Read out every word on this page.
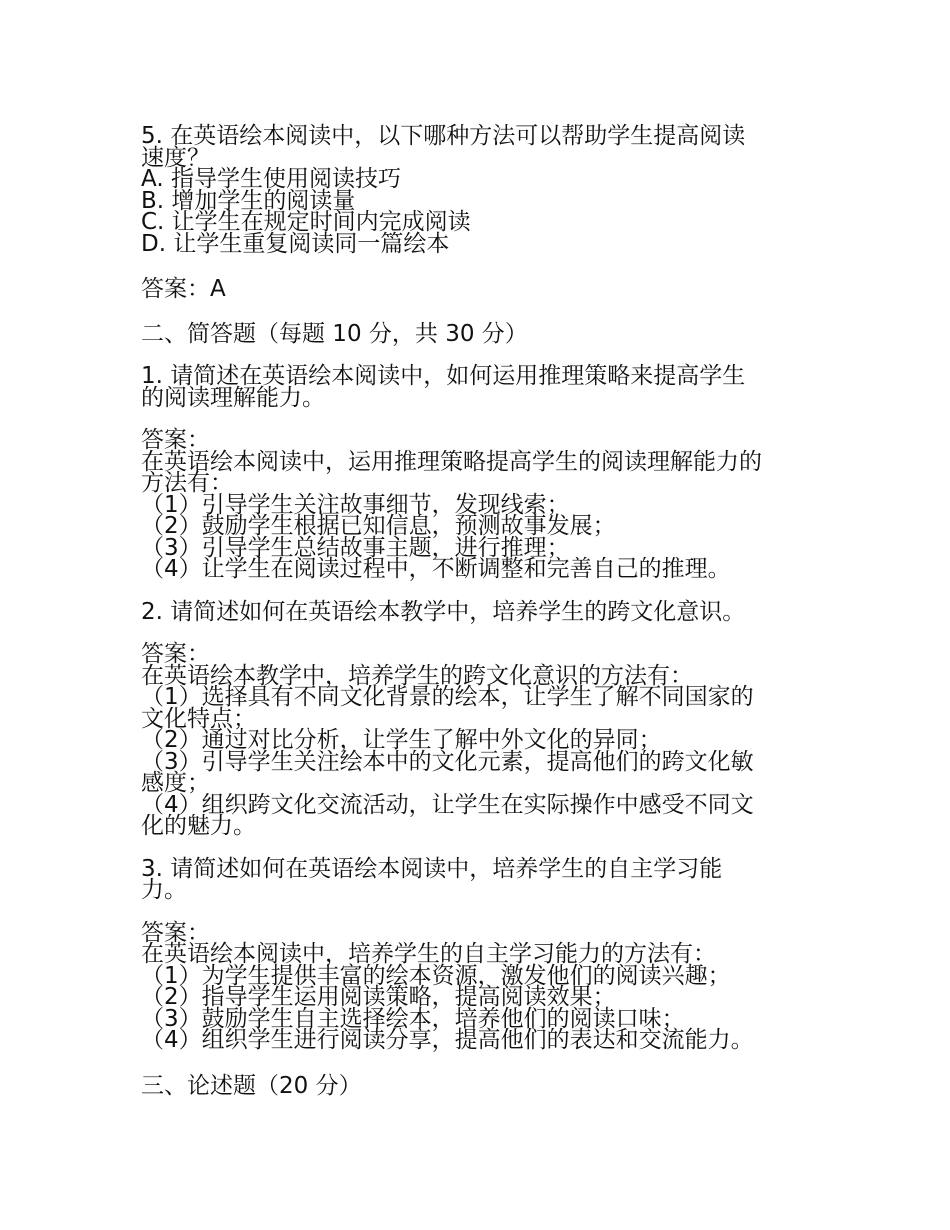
5. 在英语绘本阅读中，以下哪种方法可以帮助学生提高阅读
速度？
A. 指导学生使用阅读技巧
B. 增加学生的阅读量
C. 让学生在规定时间内完成阅读
D. 让学生重复阅读同一篇绘本
答案：A
二、简答题（每题 10 分，共 30 分）
1. 请简述在英语绘本阅读中，如何运用推理策略来提高学生
的阅读理解能力。
答案：
在英语绘本阅读中，运用推理策略提高学生的阅读理解能力的
方法有：
（1）引导学生关注故事细节，发现线索；
（2）鼓励学生根据已知信息，预测故事发展；
（3）引导学生总结故事主题，进行推理；
（4）让学生在阅读过程中，不断调整和完善自己的推理。
2. 请简述如何在英语绘本教学中，培养学生的跨文化意识。
答案：
在英语绘本教学中，培养学生的跨文化意识的方法有：
（1）选择具有不同文化背景的绘本，让学生了解不同国家的
文化特点；
（2）通过对比分析，让学生了解中外文化的异同；
（3）引导学生关注绘本中的文化元素，提高他们的跨文化敏
感度；
（4）组织跨文化交流活动，让学生在实际操作中感受不同文
化的魅力。
3. 请简述如何在英语绘本阅读中，培养学生的自主学习能
力。
答案：
在英语绘本阅读中，培养学生的自主学习能力的方法有：
（1）为学生提供丰富的绘本资源，激发他们的阅读兴趣；
（2）指导学生运用阅读策略，提高阅读效果；
（3）鼓励学生自主选择绘本，培养他们的阅读口味；
（4）组织学生进行阅读分享，提高他们的表达和交流能力。
三、论述题（20 分）
